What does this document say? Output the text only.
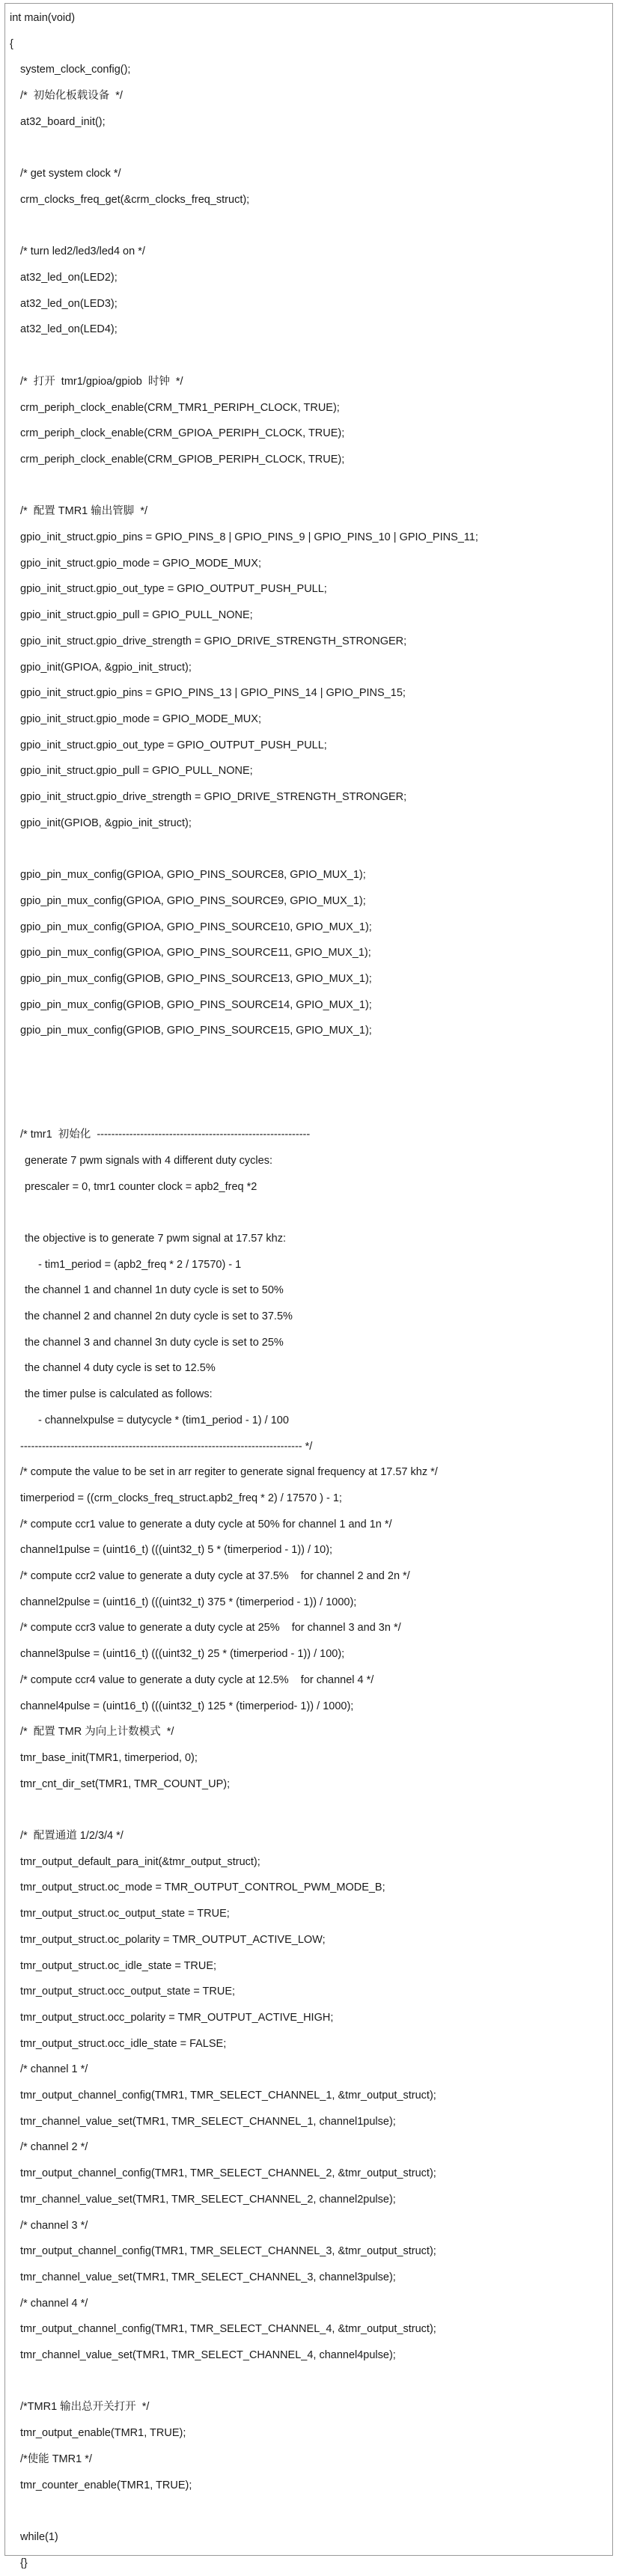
int main(void)
{
system_clock_config();
/*  初始化板载设备  */
at32_board_init();
/* get system clock */
crm_clocks_freq_get(&crm_clocks_freq_struct);
/* turn led2/led3/led4 on */
at32_led_on(LED2);
at32_led_on(LED3);
at32_led_on(LED4);
/*  打开  tmr1/gpioa/gpiob  时钟  */
crm_periph_clock_enable(CRM_TMR1_PERIPH_CLOCK, TRUE);
crm_periph_clock_enable(CRM_GPIOA_PERIPH_CLOCK, TRUE);
crm_periph_clock_enable(CRM_GPIOB_PERIPH_CLOCK, TRUE);
/*  配置 TMR1 输出管脚  */
gpio_init_struct.gpio_pins = GPIO_PINS_8 | GPIO_PINS_9 | GPIO_PINS_10 | GPIO_PINS_11;
gpio_init_struct.gpio_mode = GPIO_MODE_MUX;
gpio_init_struct.gpio_out_type = GPIO_OUTPUT_PUSH_PULL;
gpio_init_struct.gpio_pull = GPIO_PULL_NONE;
gpio_init_struct.gpio_drive_strength = GPIO_DRIVE_STRENGTH_STRONGER;
gpio_init(GPIOA, &gpio_init_struct);
gpio_init_struct.gpio_pins = GPIO_PINS_13 | GPIO_PINS_14 | GPIO_PINS_15;
gpio_init_struct.gpio_mode = GPIO_MODE_MUX;
gpio_init_struct.gpio_out_type = GPIO_OUTPUT_PUSH_PULL;
gpio_init_struct.gpio_pull = GPIO_PULL_NONE;
gpio_init_struct.gpio_drive_strength = GPIO_DRIVE_STRENGTH_STRONGER;
gpio_init(GPIOB, &gpio_init_struct);
gpio_pin_mux_config(GPIOA, GPIO_PINS_SOURCE8, GPIO_MUX_1);
gpio_pin_mux_config(GPIOA, GPIO_PINS_SOURCE9, GPIO_MUX_1);
gpio_pin_mux_config(GPIOA, GPIO_PINS_SOURCE10, GPIO_MUX_1);
gpio_pin_mux_config(GPIOA, GPIO_PINS_SOURCE11, GPIO_MUX_1);
gpio_pin_mux_config(GPIOB, GPIO_PINS_SOURCE13, GPIO_MUX_1);
gpio_pin_mux_config(GPIOB, GPIO_PINS_SOURCE14, GPIO_MUX_1);
gpio_pin_mux_config(GPIOB, GPIO_PINS_SOURCE15, GPIO_MUX_1);
/* tmr1  初始化  -----------------------------------------------------------
generate 7 pwm signals with 4 different duty cycles:
prescaler = 0, tmr1 counter clock = apb2_freq *2
the objective is to generate 7 pwm signal at 17.57 khz:
- tim1_period = (apb2_freq * 2 / 17570) - 1
the channel 1 and channel 1n duty cycle is set to 50%
the channel 2 and channel 2n duty cycle is set to 37.5%
the channel 3 and channel 3n duty cycle is set to 25%
the channel 4 duty cycle is set to 12.5%
the timer pulse is calculated as follows:
- channelxpulse = dutycycle * (tim1_period - 1) / 100
------------------------------------------------------------------------------ */
/* compute the value to be set in arr regiter to generate signal frequency at 17.57 khz */
timerperiod = ((crm_clocks_freq_struct.apb2_freq * 2) / 17570 ) - 1;
/* compute ccr1 value to generate a duty cycle at 50% for channel 1 and 1n */
channel1pulse = (uint16_t) (((uint32_t) 5 * (timerperiod - 1)) / 10);
/* compute ccr2 value to generate a duty cycle at 37.5%    for channel 2 and 2n */
channel2pulse = (uint16_t) (((uint32_t) 375 * (timerperiod - 1)) / 1000);
/* compute ccr3 value to generate a duty cycle at 25%    for channel 3 and 3n */
channel3pulse = (uint16_t) (((uint32_t) 25 * (timerperiod - 1)) / 100);
/* compute ccr4 value to generate a duty cycle at 12.5%    for channel 4 */
channel4pulse = (uint16_t) (((uint32_t) 125 * (timerperiod- 1)) / 1000);
/*  配置 TMR 为向上计数模式  */
tmr_base_init(TMR1, timerperiod, 0);
tmr_cnt_dir_set(TMR1, TMR_COUNT_UP);
/*  配置通道 1/2/3/4 */
tmr_output_default_para_init(&tmr_output_struct);
tmr_output_struct.oc_mode = TMR_OUTPUT_CONTROL_PWM_MODE_B;
tmr_output_struct.oc_output_state = TRUE;
tmr_output_struct.oc_polarity = TMR_OUTPUT_ACTIVE_LOW;
tmr_output_struct.oc_idle_state = TRUE;
tmr_output_struct.occ_output_state = TRUE;
tmr_output_struct.occ_polarity = TMR_OUTPUT_ACTIVE_HIGH;
tmr_output_struct.occ_idle_state = FALSE;
/* channel 1 */
tmr_output_channel_config(TMR1, TMR_SELECT_CHANNEL_1, &tmr_output_struct);
tmr_channel_value_set(TMR1, TMR_SELECT_CHANNEL_1, channel1pulse);
/* channel 2 */
tmr_output_channel_config(TMR1, TMR_SELECT_CHANNEL_2, &tmr_output_struct);
tmr_channel_value_set(TMR1, TMR_SELECT_CHANNEL_2, channel2pulse);
/* channel 3 */
tmr_output_channel_config(TMR1, TMR_SELECT_CHANNEL_3, &tmr_output_struct);
tmr_channel_value_set(TMR1, TMR_SELECT_CHANNEL_3, channel3pulse);
/* channel 4 */
tmr_output_channel_config(TMR1, TMR_SELECT_CHANNEL_4, &tmr_output_struct);
tmr_channel_value_set(TMR1, TMR_SELECT_CHANNEL_4, channel4pulse);
/*TMR1 输出总开关打开  */
tmr_output_enable(TMR1, TRUE);
/*使能 TMR1 */
tmr_counter_enable(TMR1, TRUE);
while(1)
{}
